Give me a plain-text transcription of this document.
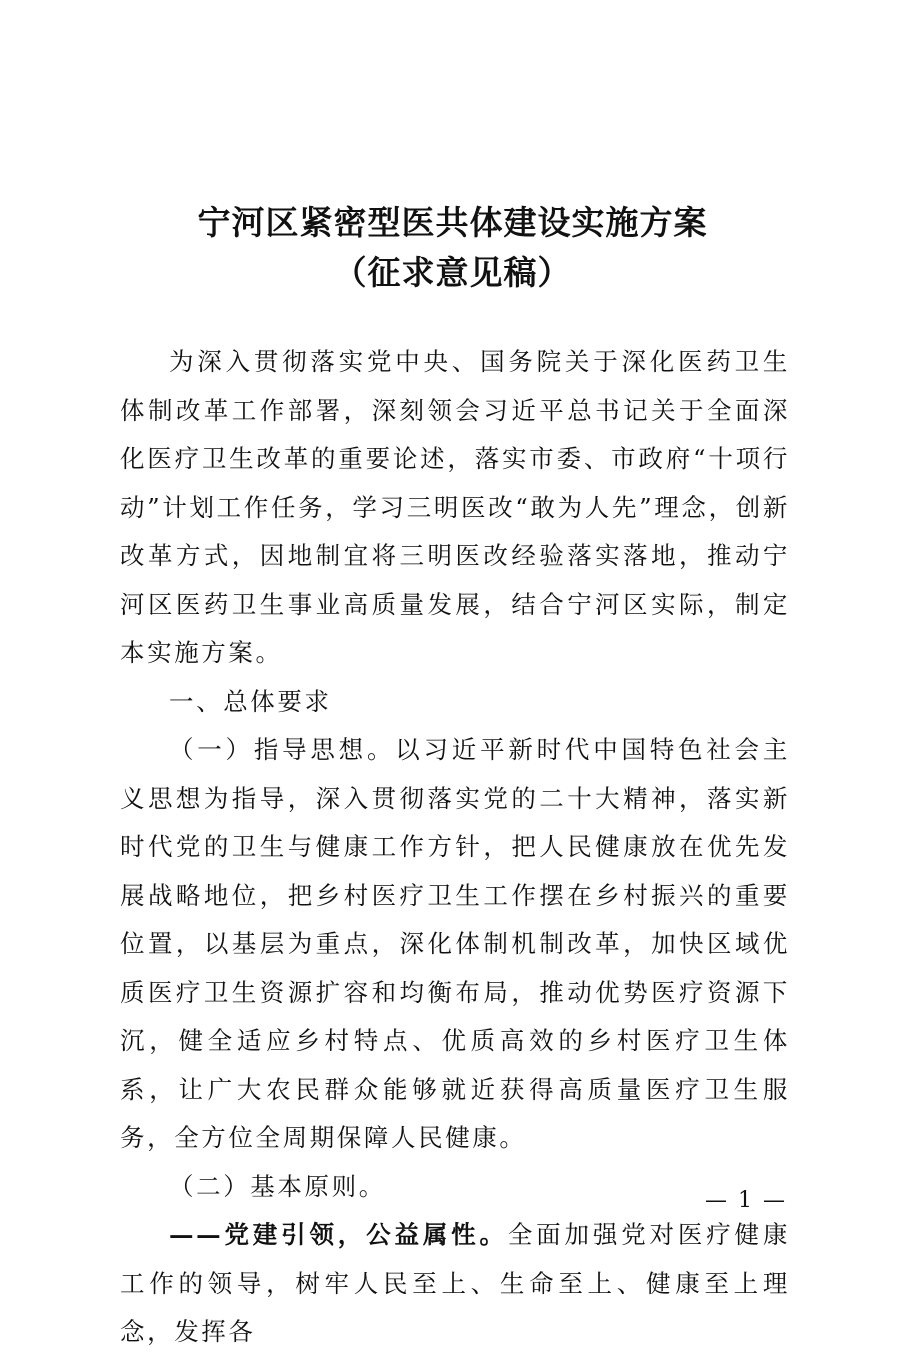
宁河区紧密型医共体建设实施方案
（征求意见稿）

为深入贯彻落实党中央、国务院关于深化医药卫生体制改革工作部署，深刻领会习近平总书记关于全面深化医疗卫生改革的重要论述，落实市委、市政府“十项行动”计划工作任务，学习三明医改“敢为人先”理念，创新改革方式，因地制宜将三明医改经验落实落地，推动宁河区医药卫生事业高质量发展，结合宁河区实际，制定本实施方案。

一、总体要求

（一）指导思想。以习近平新时代中国特色社会主义思想为指导，深入贯彻落实党的二十大精神，落实新时代党的卫生与健康工作方针，把人民健康放在优先发展战略地位，把乡村医疗卫生工作摆在乡村振兴的重要位置，以基层为重点，深化体制机制改革，加快区域优质医疗卫生资源扩容和均衡布局，推动优势医疗资源下沉，健全适应乡村特点、优质高效的乡村医疗卫生体系，让广大农民群众能够就近获得高质量医疗卫生服务，全方位全周期保障人民健康。

（二）基本原则。

——党建引领，公益属性。全面加强党对医疗健康工作的领导，树牢人民至上、生命至上、健康至上理念，发挥各

— 1 —
